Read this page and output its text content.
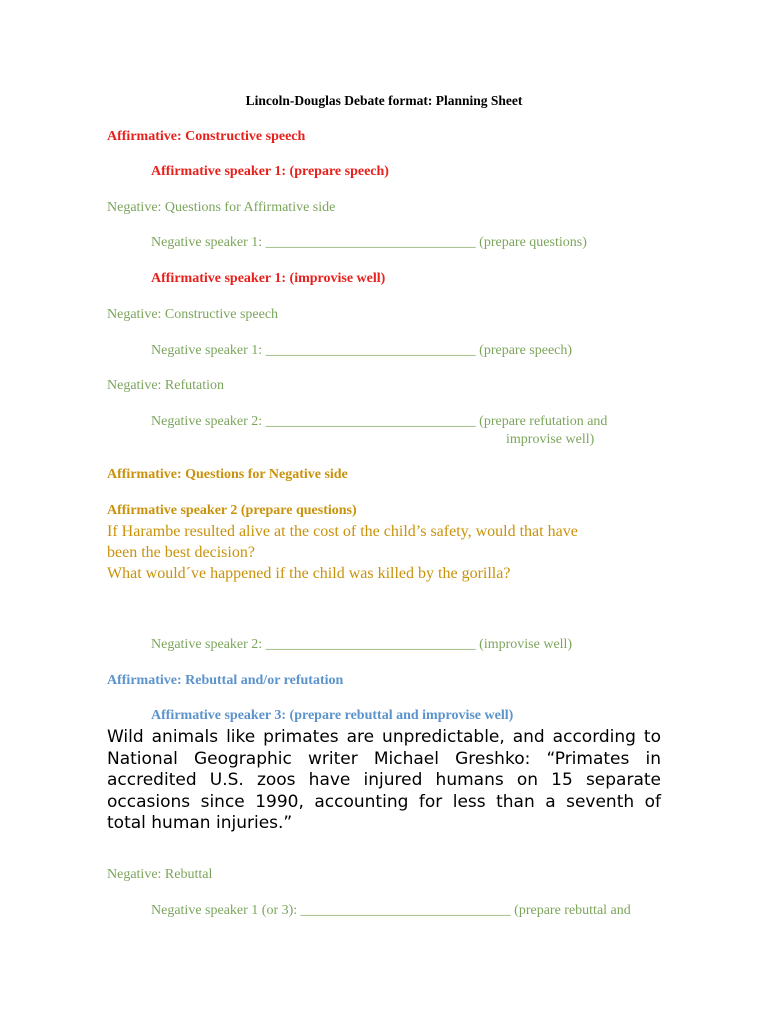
Lincoln-Douglas Debate format: Planning Sheet
Affirmative: Constructive speech
Affirmative speaker 1: (prepare speech)
Negative: Questions for Affirmative side
Negative speaker 1: ______________________________ (prepare questions)
Affirmative speaker 1: (improvise well)
Negative: Constructive speech
Negative speaker 1: ______________________________ (prepare speech)
Negative: Refutation
Negative speaker 2: ______________________________ (prepare refutation and
improvise well)
Affirmative: Questions for Negative side
Affirmative speaker 2 (prepare questions)
If Harambe resulted alive at the cost of the child’s safety, would that have
been the best decision?
What would´ve happened if the child was killed by the gorilla?
Negative speaker 2: ______________________________ (improvise well)
Affirmative: Rebuttal and/or refutation
Affirmative speaker 3: (prepare rebuttal and improvise well)
Wild animals like primates are unpredictable, and according to
National Geographic writer Michael Greshko: “Primates in
accredited U.S. zoos have injured humans on 15 separate
occasions since 1990, accounting for less than a seventh of
total human injuries.”
Negative: Rebuttal
Negative speaker 1 (or 3): ______________________________ (prepare rebuttal and
